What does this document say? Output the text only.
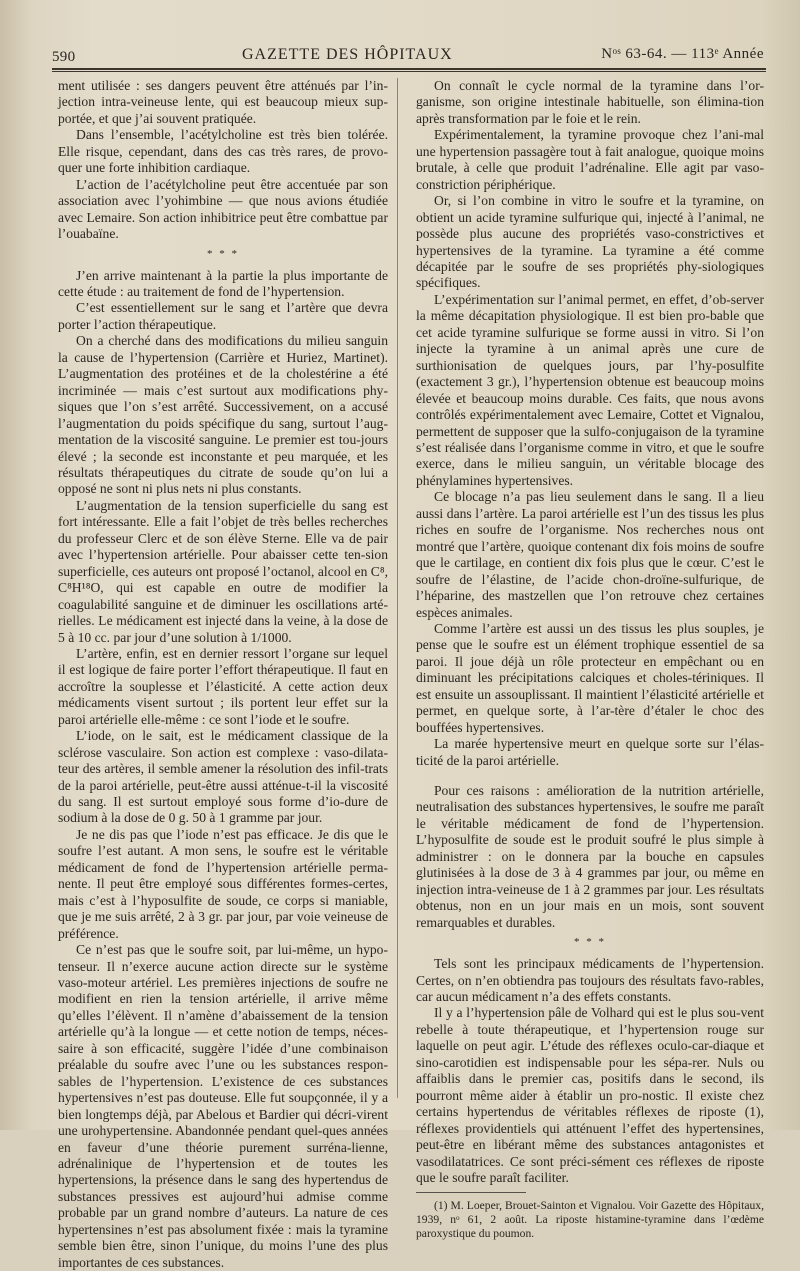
590	GAZETTE DES HÔPITAUX	Nᵒˢ 63-64. — 113ᵉ Année

ment utilisée : ses dangers peuvent être atténués par l’in-jection intra-veineuse lente, qui est beaucoup mieux sup-portée, et que j’ai souvent pratiquée.

Dans l’ensemble, l’acétylcholine est très bien tolérée. Elle risque, cependant, dans des cas très rares, de provo-quer une forte inhibition cardiaque.

L’action de l’acétylcholine peut être accentuée par son association avec l’yohimbine — que nous avions étudiée avec Lemaire. Son action inhibitrice peut être combattue par l’ouabaïne.

* * *

J’en arrive maintenant à la partie la plus importante de cette étude : au traitement de fond de l’hypertension.

C’est essentiellement sur le sang et l’artère que devra porter l’action thérapeutique.

On a cherché dans des modifications du milieu sanguin la cause de l’hypertension (Carrière et Huriez, Martinet). L’augmentation des protéines et de la cholestérine a été incriminée — mais c’est surtout aux modifications phy-siques que l’on s’est arrêté. Successivement, on a accusé l’augmentation du poids spécifique du sang, surtout l’aug-mentation de la viscosité sanguine. Le premier est tou-jours élevé ; la seconde est inconstante et peu marquée, et les résultats thérapeutiques du citrate de soude qu’on lui a opposé ne sont ni plus nets ni plus constants.

L’augmentation de la tension superficielle du sang est fort intéressante. Elle a fait l’objet de très belles recherches du professeur Clerc et de son élève Sterne. Elle va de pair avec l’hypertension artérielle. Pour abaisser cette ten-sion superficielle, ces auteurs ont proposé l’octanol, alcool en C⁸, C⁸H¹⁸O, qui est capable en outre de modifier la coagulabilité sanguine et de diminuer les oscillations arté-rielles. Le médicament est injecté dans la veine, à la dose de 5 à 10 cc. par jour d’une solution à 1/1000.

L’artère, enfin, est en dernier ressort l’organe sur lequel il est logique de faire porter l’effort thérapeutique. Il faut en accroître la souplesse et l’élasticité. A cette action deux médicaments visent surtout ; ils portent leur effet sur la paroi artérielle elle-même : ce sont l’iode et le soufre.

L’iode, on le sait, est le médicament classique de la sclérose vasculaire. Son action est complexe : vaso-dilata-teur des artères, il semble amener la résolution des infil-trats de la paroi artérielle, peut-être aussi atténue-t-il la viscosité du sang. Il est surtout employé sous forme d’io-dure de sodium à la dose de 0 g. 50 à 1 gramme par jour.

Je ne dis pas que l’iode n’est pas efficace. Je dis que le soufre l’est autant. A mon sens, le soufre est le véritable médicament de fond de l’hypertension artérielle perma-nente. Il peut être employé sous différentes formes-certes, mais c’est à l’hyposulfite de soude, ce corps si maniable, que je me suis arrêté, 2 à 3 gr. par jour, par voie veineuse de préférence.

Ce n’est pas que le soufre soit, par lui-même, un hypo-tenseur. Il n’exerce aucune action directe sur le système vaso-moteur artériel. Les premières injections de soufre ne modifient en rien la tension artérielle, il arrive même qu’elles l’élèvent. Il n’amène d’abaissement de la tension artérielle qu’à la longue — et cette notion de temps, néces-saire à son efficacité, suggère l’idée d’une combinaison préalable du soufre avec l’une ou les substances respon-sables de l’hypertension. L’existence de ces substances hypertensives n’est pas douteuse. Elle fut soupçonnée, il y a bien longtemps déjà, par Abelous et Bardier qui décri-virent une urohypertensine. Abandonnée pendant quel-ques années en faveur d’une théorie purement surréna-lienne, adrénalinique de l’hypertension et de toutes les hypertensions, la présence dans le sang des hypertendus de substances pressives est aujourd’hui admise comme probable par un grand nombre d’auteurs. La nature de ces hypertensines n’est pas absolument fixée : mais la tyramine semble bien être, sinon l’unique, du moins l’une des plus importantes de ces substances.

On connaît le cycle normal de la tyramine dans l’or-ganisme, son origine intestinale habituelle, son élimina-tion après transformation par le foie et le rein.

Expérimentalement, la tyramine provoque chez l’ani-mal une hypertension passagère tout à fait analogue, quoique moins brutale, à celle que produit l’adrénaline. Elle agit par vaso-constriction périphérique.

Or, si l’on combine in vitro le soufre et la tyramine, on obtient un acide tyramine sulfurique qui, injecté à l’animal, ne possède plus aucune des propriétés vaso-constrictives et hypertensives de la tyramine. La tyramine a été comme décapitée par le soufre de ses propriétés phy-siologiques spécifiques.

L’expérimentation sur l’animal permet, en effet, d’ob-server la même décapitation physiologique. Il est bien pro-bable que cet acide tyramine sulfurique se forme aussi in vitro. Si l’on injecte la tyramine à un animal après une cure de surthionisation de quelques jours, par l’hy-posulfite (exactement 3 gr.), l’hypertension obtenue est beaucoup moins élevée et beaucoup moins durable. Ces faits, que nous avons contrôlés expérimentalement avec Lemaire, Cottet et Vignalou, permettent de supposer que la sulfo-conjugaison de la tyramine s’est réalisée dans l’organisme comme in vitro, et que le soufre exerce, dans le milieu sanguin, un véritable blocage des phénylamines hypertensives.

Ce blocage n’a pas lieu seulement dans le sang. Il a lieu aussi dans l’artère. La paroi artérielle est l’un des tissus les plus riches en soufre de l’organisme. Nos recherches nous ont montré que l’artère, quoique contenant dix fois moins de soufre que le cartilage, en contient dix fois plus que le cœur. C’est le soufre de l’élastine, de l’acide chon-droïne-sulfurique, de l’héparine, des mastzellen que l’on retrouve chez certaines espèces animales.

Comme l’artère est aussi un des tissus les plus souples, je pense que le soufre est un élément trophique essentiel de sa paroi. Il joue déjà un rôle protecteur en empêchant ou en diminuant les précipitations calciques et choles-tériniques. Il est ensuite un assouplissant. Il maintient l’élasticité artérielle et permet, en quelque sorte, à l’ar-tère d’étaler le choc des bouffées hypertensives.

La marée hypertensive meurt en quelque sorte sur l’élas-ticité de la paroi artérielle.

Pour ces raisons : amélioration de la nutrition artérielle, neutralisation des substances hypertensives, le soufre me paraît le véritable médicament de fond de l’hypertension. L’hyposulfite de soude est le produit soufré le plus simple à administrer : on le donnera par la bouche en capsules glutinisées à la dose de 3 à 4 grammes par jour, ou même en injection intra-veineuse de 1 à 2 grammes par jour. Les résultats obtenus, non en un jour mais en un mois, sont souvent remarquables et durables.

* * *

Tels sont les principaux médicaments de l’hypertension. Certes, on n’en obtiendra pas toujours des résultats favo-rables, car aucun médicament n’a des effets constants.

Il y a l’hypertension pâle de Volhard qui est le plus sou-vent rebelle à toute thérapeutique, et l’hypertension rouge sur laquelle on peut agir. L’étude des réflexes oculo-car-diaque et sino-carotidien est indispensable pour les sépa-rer. Nuls ou affaiblis dans le premier cas, positifs dans le second, ils pourront même aider à établir un pro-nostic. Il existe chez certains hypertendus de véritables réflexes de riposte (1), réflexes providentiels qui atténuent l’effet des hypertensines, peut-être en libérant même des substances antagonistes et vasodilatatrices. Ce sont préci-sément ces réflexes de riposte que le soufre paraît faciliter.

(1) M. Loeper, Brouet-Sainton et Vignalou. Voir Gazette des Hôpitaux, 1939, nᵒ 61, 2 août. La riposte histamine-tyramine dans l’œdème paroxystique du poumon.
